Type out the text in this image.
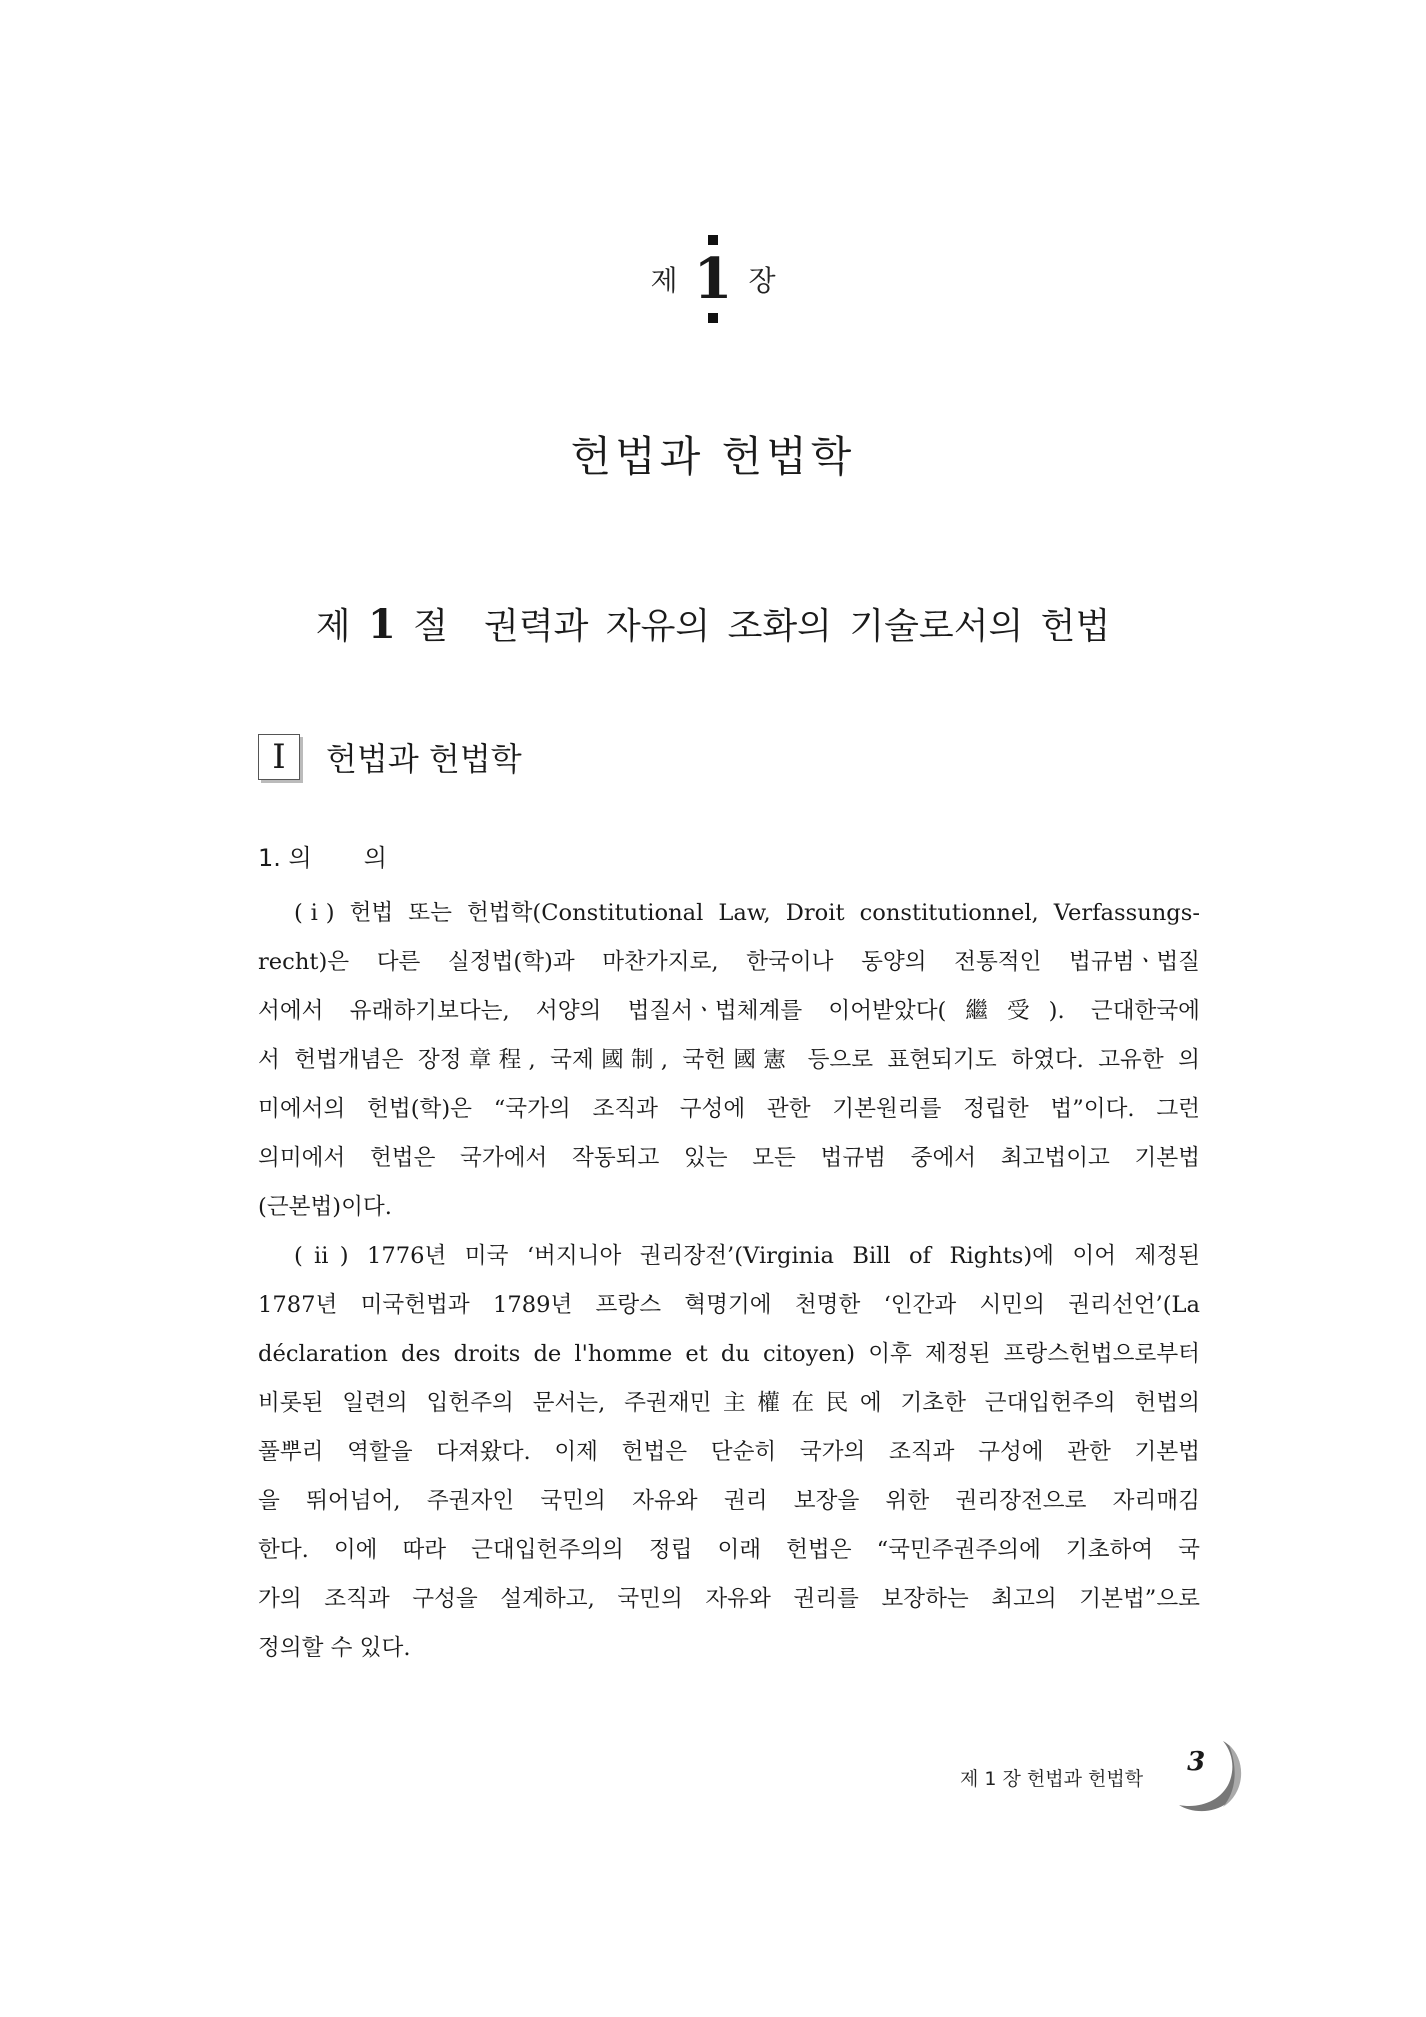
제 1 장
헌법과 헌법학
제 1 절 권력과 자유의 조화의 기술로서의 헌법
I	헌법과 헌법학
1. 의 의
(ⅰ) 헌법 또는 헌법학(Constitutional Law, Droit constitutionnel, Verfassungs-
recht)은 다른 실정법(학)과 마찬가지로, 한국이나 동양의 전통적인 법규범ㆍ법질
서에서 유래하기보다는, 서양의 법질서ㆍ법체계를 이어받았다(繼受). 근대한국에
서 헌법개념은 장정章程, 국제國制, 국헌國憲 등으로 표현되기도 하였다. 고유한 의
미에서의 헌법(학)은 “국가의 조직과 구성에 관한 기본원리를 정립한 법”이다. 그런
의미에서 헌법은 국가에서 작동되고 있는 모든 법규범 중에서 최고법이고 기본법
(근본법)이다.
(ⅱ) 1776년 미국 ‘버지니아 권리장전’(Virginia Bill of Rights)에 이어 제정된
1787년 미국헌법과 1789년 프랑스 혁명기에 천명한 ‘인간과 시민의 권리선언’(La
déclaration des droits de l'homme et du citoyen) 이후 제정된 프랑스헌법으로부터
비롯된 일련의 입헌주의 문서는, 주권재민主權在民에 기초한 근대입헌주의 헌법의
풀뿌리 역할을 다져왔다. 이제 헌법은 단순히 국가의 조직과 구성에 관한 기본법
을 뛰어넘어, 주권자인 국민의 자유와 권리 보장을 위한 권리장전으로 자리매김
한다. 이에 따라 근대입헌주의의 정립 이래 헌법은 “국민주권주의에 기초하여 국
가의 조직과 구성을 설계하고, 국민의 자유와 권리를 보장하는 최고의 기본법”으로
정의할 수 있다.
제 1 장 헌법과 헌법학
3
